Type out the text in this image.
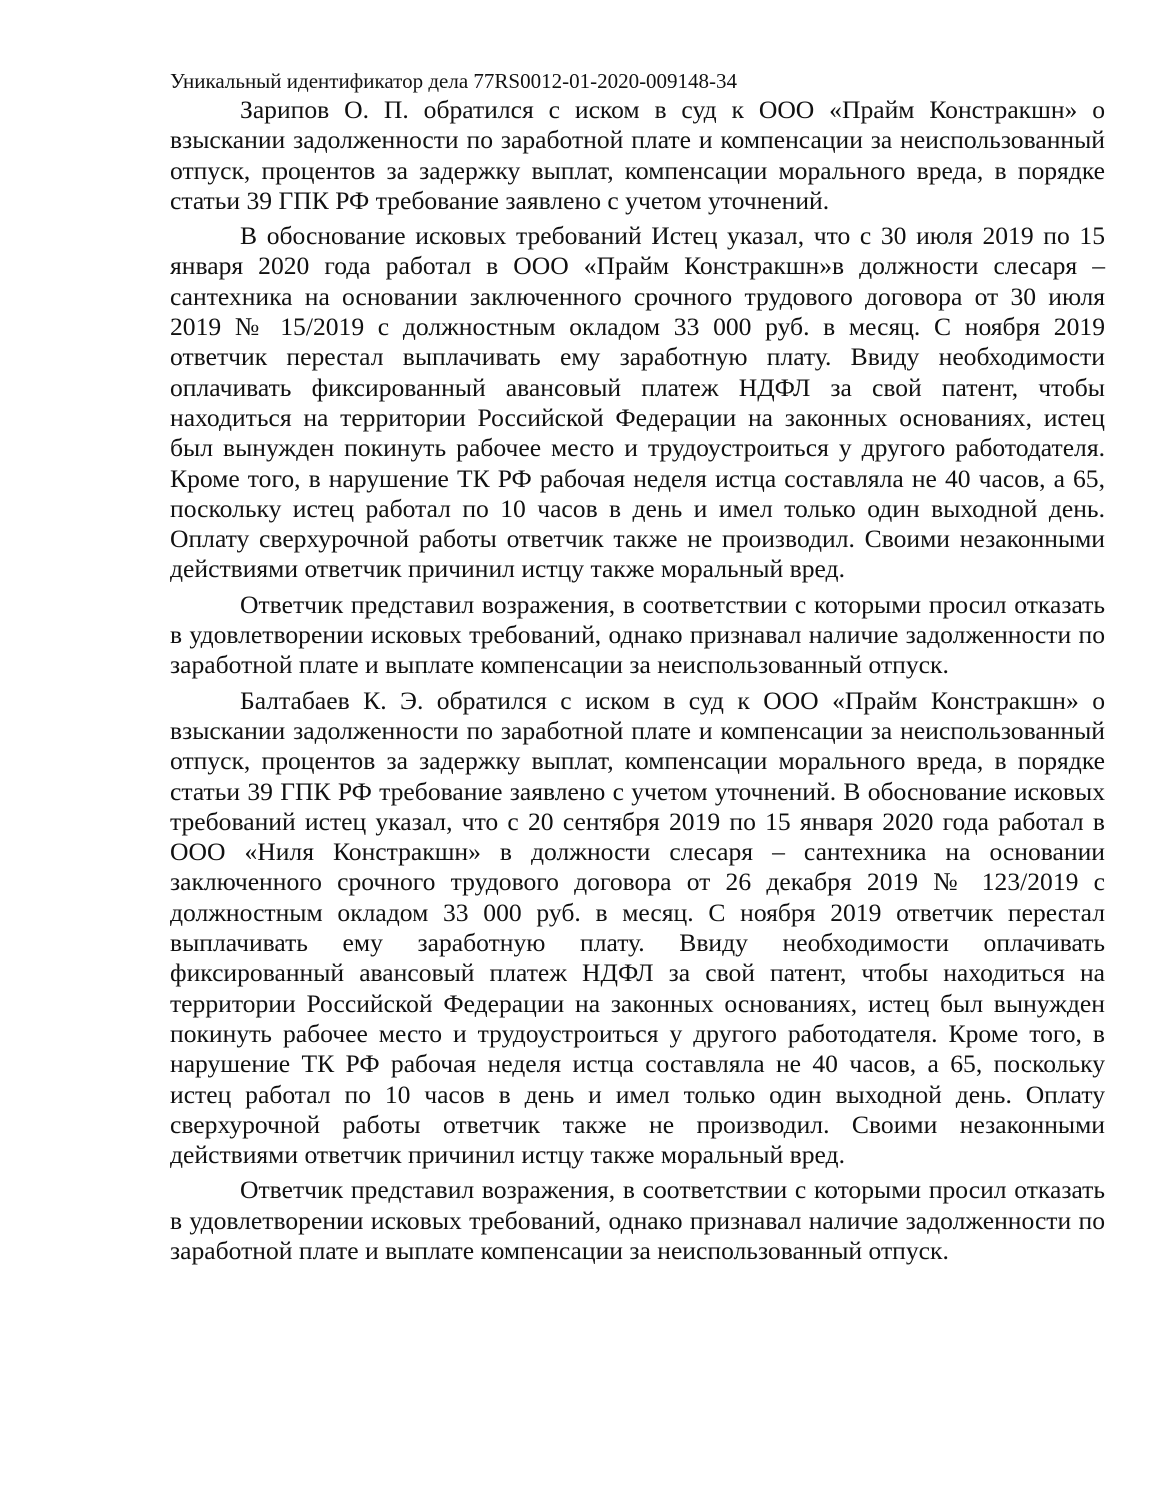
Уникальный идентификатор дела 77RS0012-01-2020-009148-34

Зарипов О. П. обратился с иском в суд к ООО «Прайм Констракшн» о взыскании задолженности по заработной плате и компенсации за неиспользованный отпуск, процентов за задержку выплат, компенсации морального вреда, в порядке статьи 39 ГПК РФ требование заявлено с учетом уточнений.

В обоснование исковых требований Истец указал, что с 30 июля 2019 по 15 января 2020 года работал в ООО «Прайм Констракшн»в должности слесаря – сантехника на основании заключенного срочного трудового договора от 30 июля 2019 № 15/2019 с должностным окладом 33 000 руб. в месяц. С ноября 2019 ответчик перестал выплачивать ему заработную плату. Ввиду необходимости оплачивать фиксированный авансовый платеж НДФЛ за свой патент, чтобы находиться на территории Российской Федерации на законных основаниях, истец был вынужден покинуть рабочее место и трудоустроиться у другого работодателя. Кроме того, в нарушение ТК РФ рабочая неделя истца составляла не 40 часов, а 65, поскольку истец работал по 10 часов в день и имел только один выходной день. Оплату сверхурочной работы ответчик также не производил. Своими незаконными действиями ответчик причинил истцу также моральный вред.

Ответчик представил возражения, в соответствии с которыми просил отказать в удовлетворении исковых требований, однако признавал наличие задолженности по заработной плате и выплате компенсации за неиспользованный отпуск.

Балтабаев К. Э. обратился с иском в суд к ООО «Прайм Констракшн» о взыскании задолженности по заработной плате и компенсации за неиспользованный отпуск, процентов за задержку выплат, компенсации морального вреда, в порядке статьи 39 ГПК РФ требование заявлено с учетом уточнений. В обоснование исковых требований истец указал, что с 20 сентября 2019 по 15 января 2020 года работал в ООО «Ниля Констракшн» в должности слесаря – сантехника на основании заключенного срочного трудового договора от 26 декабря 2019 № 123/2019 с должностным окладом 33 000 руб. в месяц. С ноября 2019 ответчик перестал выплачивать ему заработную плату. Ввиду необходимости оплачивать фиксированный авансовый платеж НДФЛ за свой патент, чтобы находиться на территории Российской Федерации на законных основаниях, истец был вынужден покинуть рабочее место и трудоустроиться у другого работодателя. Кроме того, в нарушение ТК РФ рабочая неделя истца составляла не 40 часов, а 65, поскольку истец работал по 10 часов в день и имел только один выходной день. Оплату сверхурочной работы ответчик также не производил. Своими незаконными действиями ответчик причинил истцу также моральный вред.

Ответчик представил возражения, в соответствии с которыми просил отказать в удовлетворении исковых требований, однако признавал наличие задолженности по заработной плате и выплате компенсации за неиспользованный отпуск.
